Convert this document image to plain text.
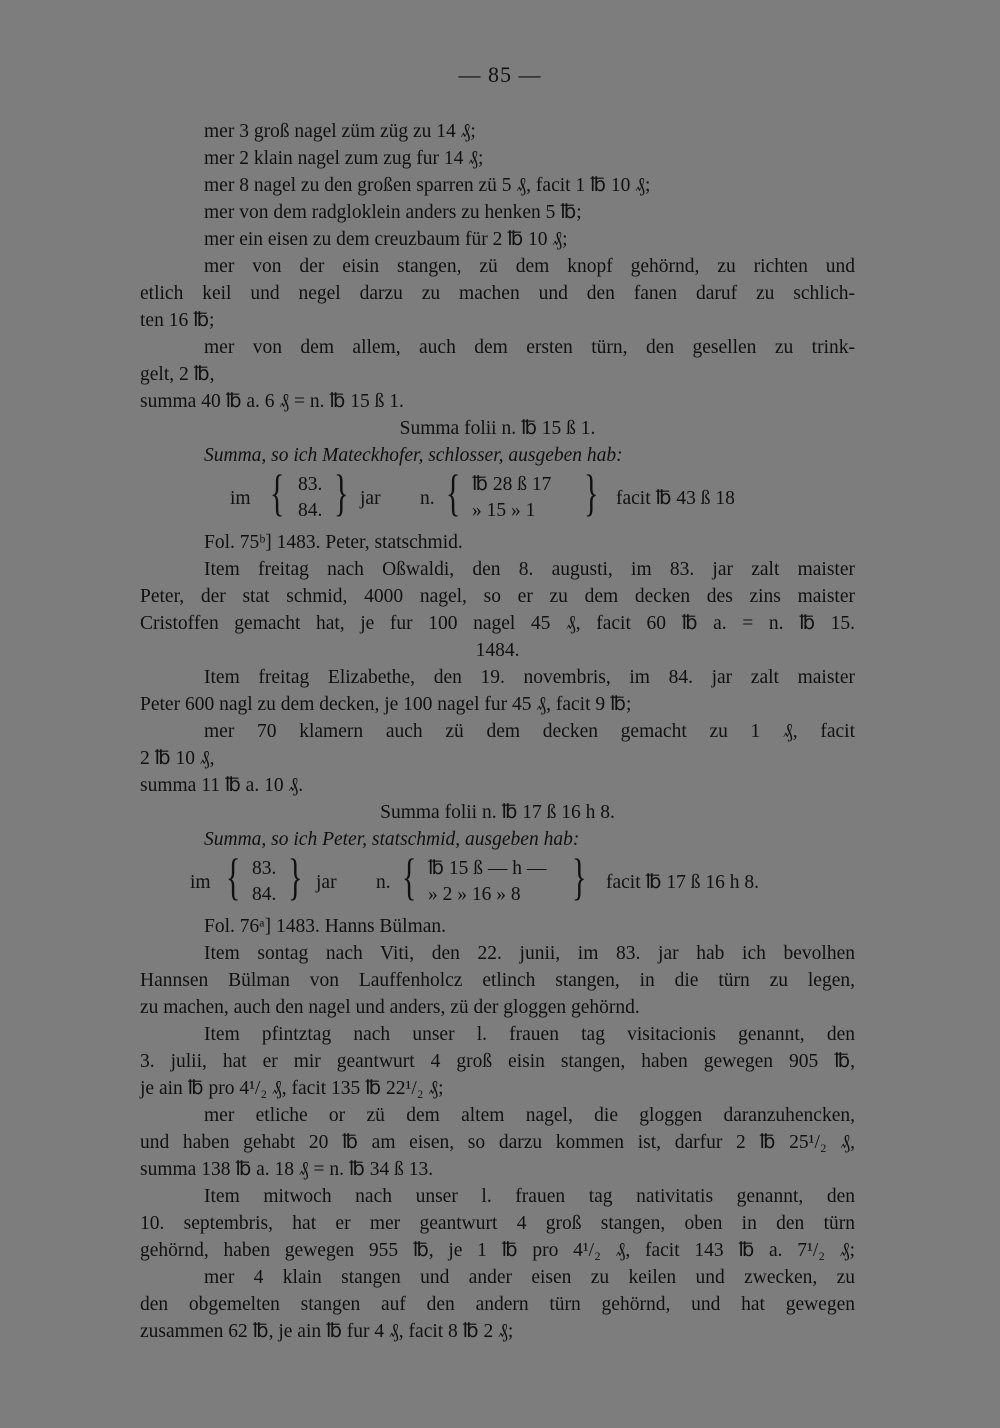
— 85 —

mer 3 groß nagel züm züg zu 14 ₰;

mer 2 klain nagel zum zug fur 14 ₰;

mer 8 nagel zu den großen sparren zü 5 ₰, facit 1 ℔ 10 ₰;

mer von dem radgloklein anders zu henken 5 ℔;

mer ein eisen zu dem creuzbaum für 2 ℔ 10 ₰;

mer von der eisin stangen, zü dem knopf gehörnd, zu richten und

etlich keil und negel darzu zu machen und den fanen daruf zu schlich-

ten 16 ℔;

mer von dem allem, auch dem ersten türn, den gesellen zu trink-

gelt, 2 ℔,

summa 40 ℔ a. 6 ₰ = n. ℔ 15 ß 1.

Summa folii n. ℔ 15 ß 1.

Summa, so ich Mateckhofer, schlosser, ausgeben hab:

im { 83.
84. } jar n. { ℔ 28 ß 17
» 15 » 1 } facit ℔ 43 ß 18

Fol. 75ᵇ] 1483. Peter, statschmid.

Item freitag nach Oßwaldi, den 8. augusti, im 83. jar zalt maister

Peter, der stat schmid, 4000 nagel, so er zu dem decken des zins maister

Cristoffen gemacht hat, je fur 100 nagel 45 ₰, facit 60 ℔ a. = n. ℔ 15.

1484.

Item freitag Elizabethe, den 19. novembris, im 84. jar zalt maister

Peter 600 nagl zu dem decken, je 100 nagel fur 45 ₰, facit 9 ℔;

mer 70 klamern auch zü dem decken gemacht zu 1 ₰, facit

2 ℔ 10 ₰,

summa 11 ℔ a. 10 ₰.

Summa folii n. ℔ 17 ß 16 h 8.

Summa, so ich Peter, statschmid, ausgeben hab:

im { 83.
84. } jar n. { ℔ 15 ß — h —
» 2 » 16 » 8 } facit ℔ 17 ß 16 h 8.

Fol. 76ᵃ] 1483. Hanns Bülman.

Item sontag nach Viti, den 22. junii, im 83. jar hab ich bevolhen

Hannsen Bülman von Lauffenholcz etlinch stangen, in die türn zu legen,

zu machen, auch den nagel und anders, zü der gloggen gehörnd.

Item pfintztag nach unser l. frauen tag visitacionis genannt, den

3. julii, hat er mir geantwurt 4 groß eisin stangen, haben gewegen 905 ℔,

je ain ℔ pro 4¹/₂ ₰, facit 135 ℔ 22¹/₂ ₰;

mer etliche or zü dem altem nagel, die gloggen daranzuhencken,

und haben gehabt 20 ℔ am eisen, so darzu kommen ist, darfur 2 ℔ 25¹/₂ ₰,

summa 138 ℔ a. 18 ₰ = n. ℔ 34 ß 13.

Item mitwoch nach unser l. frauen tag nativitatis genannt, den

10. septembris, hat er mer geantwurt 4 groß stangen, oben in den türn

gehörnd, haben gewegen 955 ℔, je 1 ℔ pro 4¹/₂ ₰, facit 143 ℔ a. 7¹/₂ ₰;

mer 4 klain stangen und ander eisen zu keilen und zwecken, zu

den obgemelten stangen auf den andern türn gehörnd, und hat gewegen

zusammen 62 ℔, je ain ℔ fur 4 ₰, facit 8 ℔ 2 ₰;
